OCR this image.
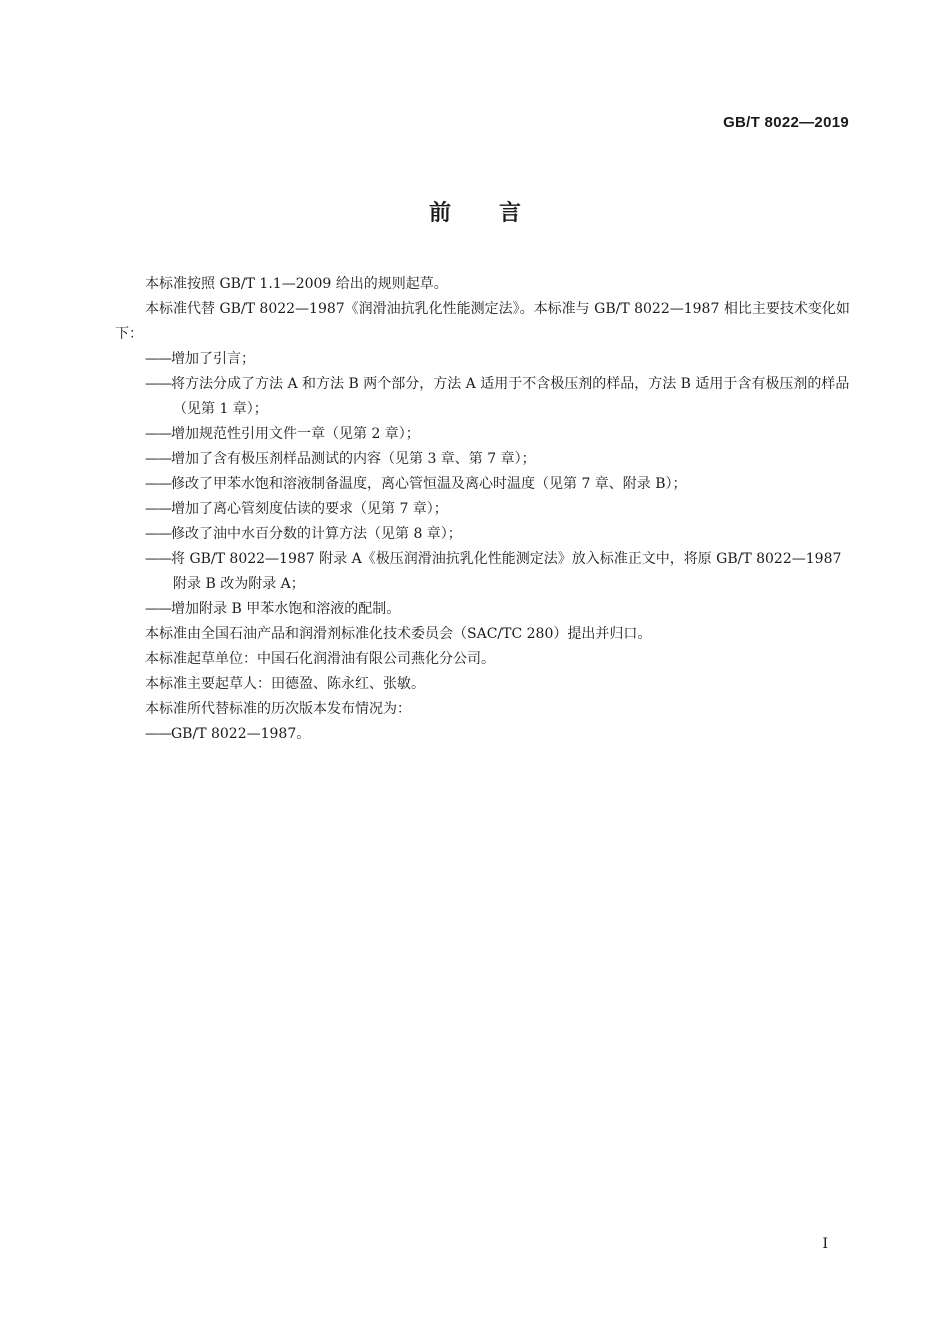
GB/T 8022—2019

前言

本标准按照 GB/T 1.1—2009 给出的规则起草。

本标准代替 GB/T 8022—1987《润滑油抗乳化性能测定法》。本标准与 GB/T 8022—1987 相比主要技术变化如下：

——增加了引言；
——将方法分成了方法 A 和方法 B 两个部分，方法 A 适用于不含极压剂的样品，方法 B 适用于含有极压剂的样品（见第 1 章）；
——增加规范性引用文件一章（见第 2 章）；
——增加了含有极压剂样品测试的内容（见第 3 章、第 7 章）；
——修改了甲苯水饱和溶液制备温度，离心管恒温及离心时温度（见第 7 章、附录 B）；
——增加了离心管刻度估读的要求（见第 7 章）；
——修改了油中水百分数的计算方法（见第 8 章）；
——将 GB/T 8022—1987 附录 A《极压润滑油抗乳化性能测定法》放入标准正文中，将原 GB/T 8022—1987 附录 B 改为附录 A；
——增加附录 B 甲苯水饱和溶液的配制。

本标准由全国石油产品和润滑剂标准化技术委员会（SAC/TC 280）提出并归口。

本标准起草单位：中国石化润滑油有限公司燕化分公司。

本标准主要起草人：田德盈、陈永红、张敏。

本标准所代替标准的历次版本发布情况为：

——GB/T 8022—1987。

I
